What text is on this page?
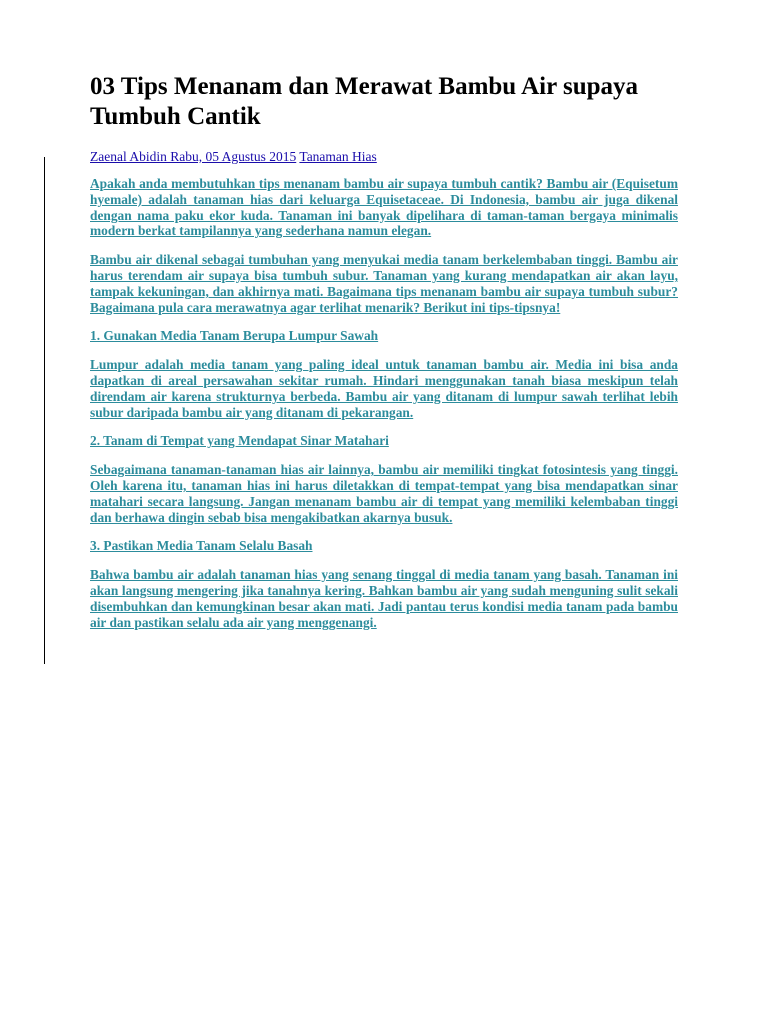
03 Tips Menanam dan Merawat Bambu Air supaya Tumbuh Cantik
Zaenal Abidin Rabu, 05 Agustus 2015 Tanaman Hias

Apakah anda membutuhkan tips menanam bambu air supaya tumbuh cantik? Bambu air (Equisetum hyemale) adalah tanaman hias dari keluarga Equisetaceae. Di Indonesia, bambu air juga dikenal dengan nama paku ekor kuda. Tanaman ini banyak dipelihara di taman-taman bergaya minimalis modern berkat tampilannya yang sederhana namun elegan.

Bambu air dikenal sebagai tumbuhan yang menyukai media tanam berkelembaban tinggi. Bambu air harus terendam air supaya bisa tumbuh subur. Tanaman yang kurang mendapatkan air akan layu, tampak kekuningan, dan akhirnya mati. Bagaimana tips menanam bambu air supaya tumbuh subur? Bagaimana pula cara merawatnya agar terlihat menarik? Berikut ini tips-tipsnya!

1. Gunakan Media Tanam Berupa Lumpur Sawah

Lumpur adalah media tanam yang paling ideal untuk tanaman bambu air. Media ini bisa anda dapatkan di areal persawahan sekitar rumah. Hindari menggunakan tanah biasa meskipun telah direndam air karena strukturnya berbeda. Bambu air yang ditanam di lumpur sawah terlihat lebih subur daripada bambu air yang ditanam di pekarangan.

2. Tanam di Tempat yang Mendapat Sinar Matahari

Sebagaimana tanaman-tanaman hias air lainnya, bambu air memiliki tingkat fotosintesis yang tinggi. Oleh karena itu, tanaman hias ini harus diletakkan di tempat-tempat yang bisa mendapatkan sinar matahari secara langsung. Jangan menanam bambu air di tempat yang memiliki kelembaban tinggi dan berhawa dingin sebab bisa mengakibatkan akarnya busuk.

3. Pastikan Media Tanam Selalu Basah

Bahwa bambu air adalah tanaman hias yang senang tinggal di media tanam yang basah. Tanaman ini akan langsung mengering jika tanahnya kering. Bahkan bambu air yang sudah menguning sulit sekali disembuhkan dan kemungkinan besar akan mati. Jadi pantau terus kondisi media tanam pada bambu air dan pastikan selalu ada air yang menggenangi.
